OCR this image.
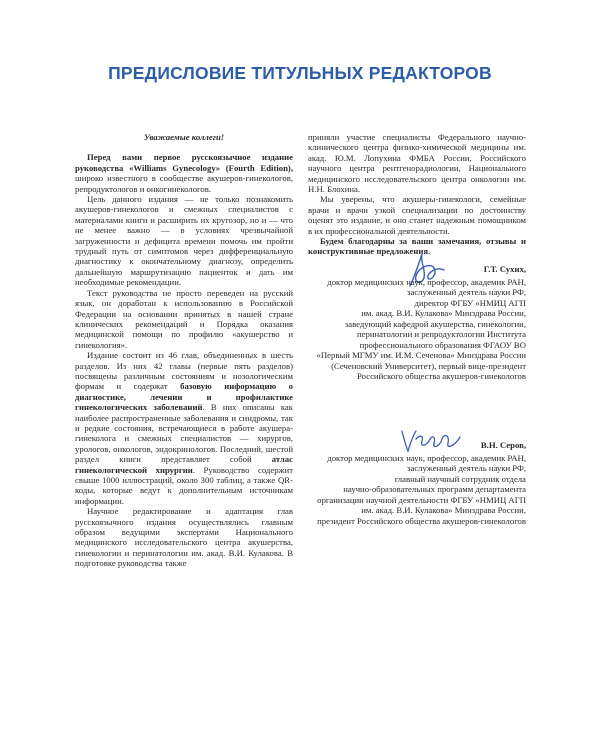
ПРЕДИСЛОВИЕ ТИТУЛЬНЫХ РЕДАКТОРОВ
Уважаемые коллеги!

Перед вами первое русскоязычное издание руководства «Williams Gynecology» (Fourth Edition), широко известного в сообществе акушеров-гинекологов, репродуктологов и онкогинекологов.

Цель данного издания — не только познакомить акушеров-гинекологов и смежных специалистов с материалами книги и расширить их кругозор, но и — что не менее важно — в условиях чрезвычайной загруженности и дефицита времени помочь им пройти трудный путь от симптомов через дифференциальную диагностику к окончательному диагнозу, определить дальнейшую маршрутизацию пациенток и дать им необходимые рекомендации.

Текст руководства не просто переведен на русский язык, он доработан к использованию в Российской Федерации на основании принятых в нашей стране клинических рекомендаций и Порядка оказания медицинской помощи по профилю «акушерство и гинекология».

Издание состоит из 46 глав, объединенных в шесть разделов. Из них 42 главы (первые пять разделов) посвящены различным состояниям и нозологическим формам и содержат базовую информацию о диагностике, лечении и профилактике гинекологических заболеваний. В них описаны как наиболее распространенные заболевания и синдромы, так и редкие состояния, встречающиеся в работе акушера-гинеколога и смежных специалистов — хирургов, урологов, онкологов, эндокринологов. Последний, шестой раздел книги представляет собой атлас гинекологической хирургии. Руководство содержит свыше 1000 иллюстраций, около 300 таблиц, а также QR-коды, которые ведут к дополнительным источникам информации.

Научное редактирование и адаптация глав русскоязычного издания осуществлялись главным образом ведущими экспертами Национального медицинского исследовательского центра акушерства, гинекологии и перинатологии им. акад. В.И. Кулакова. В подготовке руководства также

приняли участие специалисты Федерального научно-клинического центра физико-химической медицины им. акад. Ю.М. Лопухина ФМБА России, Российского научного центра рентгенорадиологии, Национального медицинского исследовательского центра онкологии им. Н.Н. Блохина.

Мы уверены, что акушеры-гинекологи, семейные врачи и врачи узкой специализации по достоинству оценят это издание, и оно станет надежным помощником в их профессиональной деятельности.

Будем благодарны за ваши замечания, отзывы и конструктивные предложения.

Г.Т. Сухих,
доктор медицинских наук, профессор, академик РАН,
заслуженный деятель науки РФ,
директор ФГБУ «НМИЦ АГП
им. акад. В.И. Кулакова» Минздрава России,
заведующий кафедрой акушерства, гинекологии,
перинатологии и репродуктологии Института
профессионального образования ФГАОУ ВО
«Первый МГМУ им. И.М. Сеченова» Минздрава России
(Сеченовский Университет), первый вице-президент
Российского общества акушеров-гинекологов
В.Н. Серов,
доктор медицинских наук, профессор, академик РАН,
заслуженный деятель науки РФ,
главный научный сотрудник отдела
научно-образовательных программ департамента
организации научной деятельности ФГБУ «НМИЦ АГП
им. акад. В.И. Кулакова» Минздрава России,
президент Российского общества акушеров-гинекологов
